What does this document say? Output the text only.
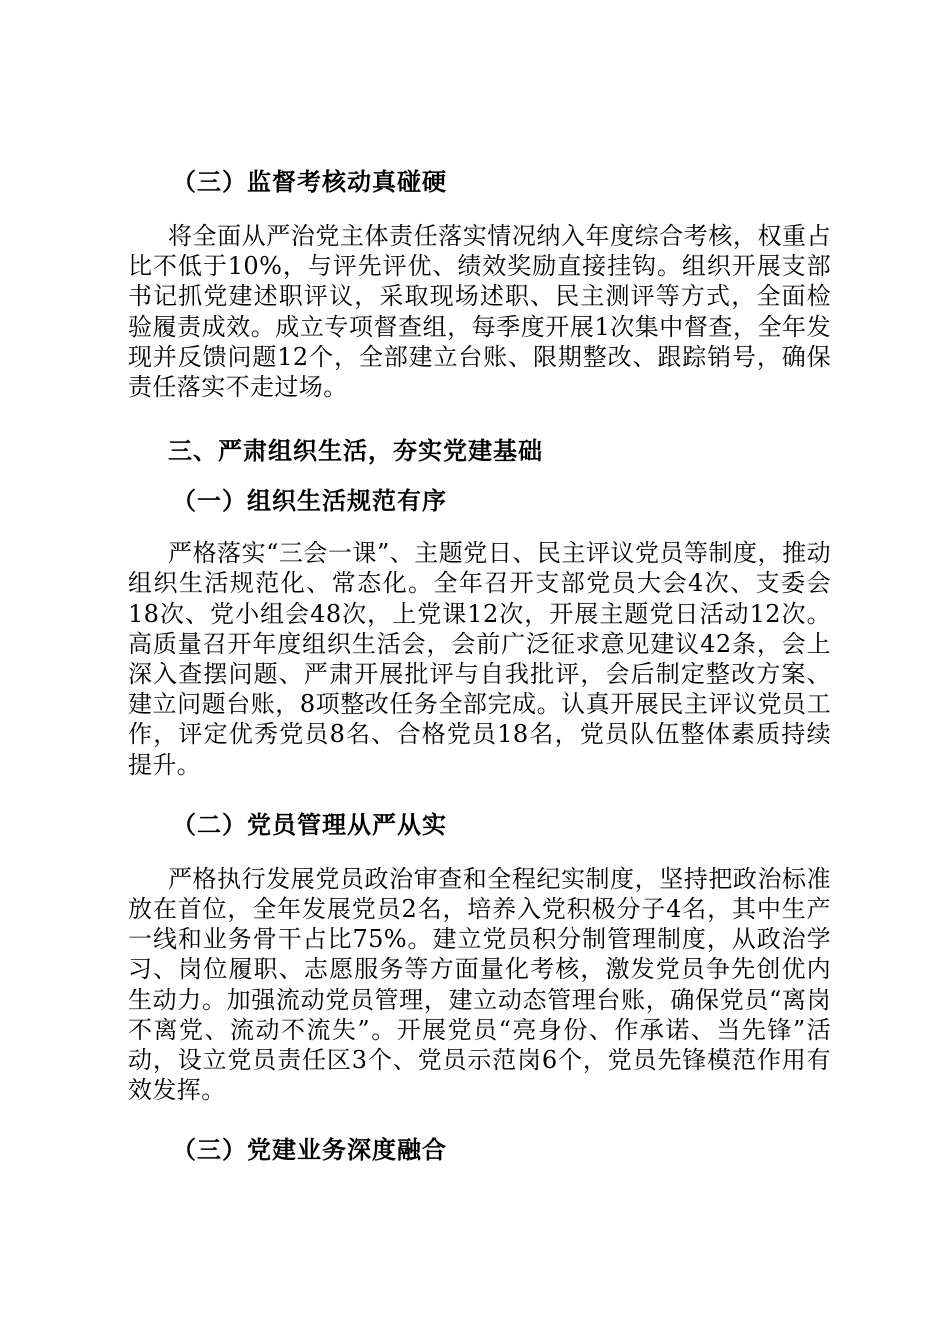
（三）监督考核动真碰硬

将全面从严治党主体责任落实情况纳入年度综合考核，权重占比不低于10%，与评先评优、绩效奖励直接挂钩。组织开展支部书记抓党建述职评议，采取现场述职、民主测评等方式，全面检验履责成效。成立专项督查组，每季度开展1次集中督查，全年发现并反馈问题12个，全部建立台账、限期整改、跟踪销号，确保责任落实不走过场。

三、严肃组织生活，夯实党建基础
（一）组织生活规范有序

严格落实“三会一课”、主题党日、民主评议党员等制度，推动组织生活规范化、常态化。全年召开支部党员大会4次、支委会18次、党小组会48次，上党课12次，开展主题党日活动12次。高质量召开年度组织生活会，会前广泛征求意见建议42条，会上深入查摆问题、严肃开展批评与自我批评，会后制定整改方案、建立问题台账，8项整改任务全部完成。认真开展民主评议党员工作，评定优秀党员8名、合格党员18名，党员队伍整体素质持续提升。

（二）党员管理从严从实

严格执行发展党员政治审查和全程纪实制度，坚持把政治标准放在首位，全年发展党员2名，培养入党积极分子4名，其中生产一线和业务骨干占比75%。建立党员积分制管理制度，从政治学习、岗位履职、志愿服务等方面量化考核，激发党员争先创优内生动力。加强流动党员管理，建立动态管理台账，确保党员“离岗不离党、流动不流失”。开展党员“亮身份、作承诺、当先锋”活动，设立党员责任区3个、党员示范岗6个，党员先锋模范作用有效发挥。

（三）党建业务深度融合
